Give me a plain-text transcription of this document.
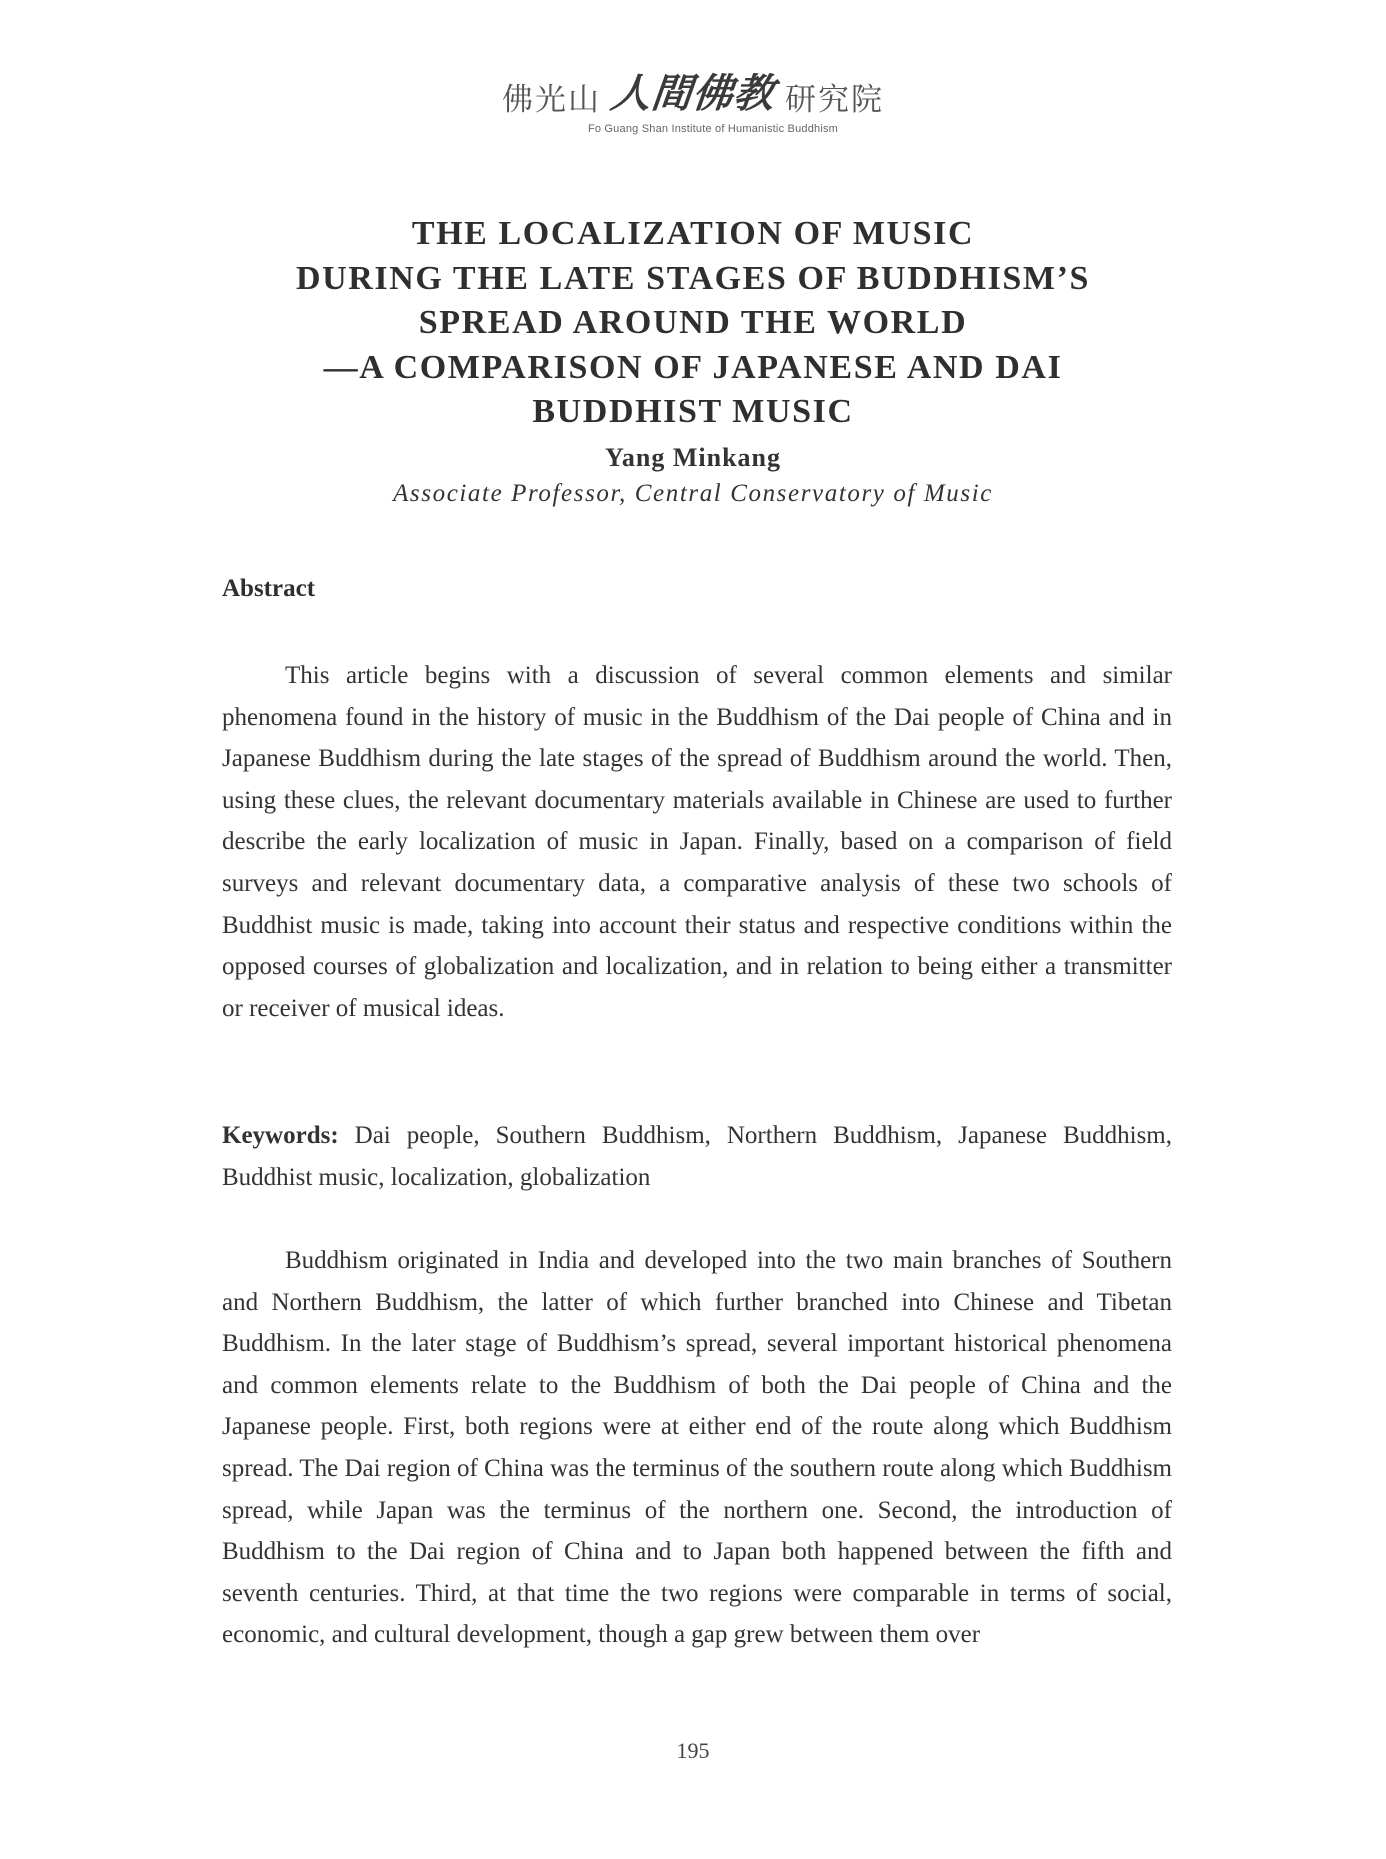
佛光山 人間佛教 研究院
Fo Guang Shan Institute of Humanistic Buddhism
THE LOCALIZATION OF MUSIC
DURING THE LATE STAGES OF BUDDHISM’S
SPREAD AROUND THE WORLD
—A COMPARISON OF JAPANESE AND DAI
BUDDHIST MUSIC
Yang Minkang
Associate Professor, Central Conservatory of Music
Abstract

This article begins with a discussion of several common elements and similar phenomena found in the history of music in the Buddhism of the Dai people of China and in Japanese Buddhism during the late stages of the spread of Buddhism around the world. Then, using these clues, the relevant documentary materials available in Chinese are used to further describe the early localization of music in Japan. Finally, based on a comparison of field surveys and relevant documentary data, a comparative analysis of these two schools of Buddhist music is made, taking into account their status and respective conditions within the opposed courses of globalization and localization, and in relation to being either a transmitter or receiver of musical ideas.

Keywords: Dai people, Southern Buddhism, Northern Buddhism, Japanese Buddhism, Buddhist music, localization, globalization

Buddhism originated in India and developed into the two main branches of Southern and Northern Buddhism, the latter of which further branched into Chinese and Tibetan Buddhism. In the later stage of Buddhism’s spread, several important historical phenomena and common elements relate to the Buddhism of both the Dai people of China and the Japanese people. First, both regions were at either end of the route along which Buddhism spread. The Dai region of China was the terminus of the southern route along which Buddhism spread, while Japan was the terminus of the northern one. Second, the introduction of Buddhism to the Dai region of China and to Japan both happened between the fifth and seventh centuries. Third, at that time the two regions were comparable in terms of social, economic, and cultural development, though a gap grew between them over

195
